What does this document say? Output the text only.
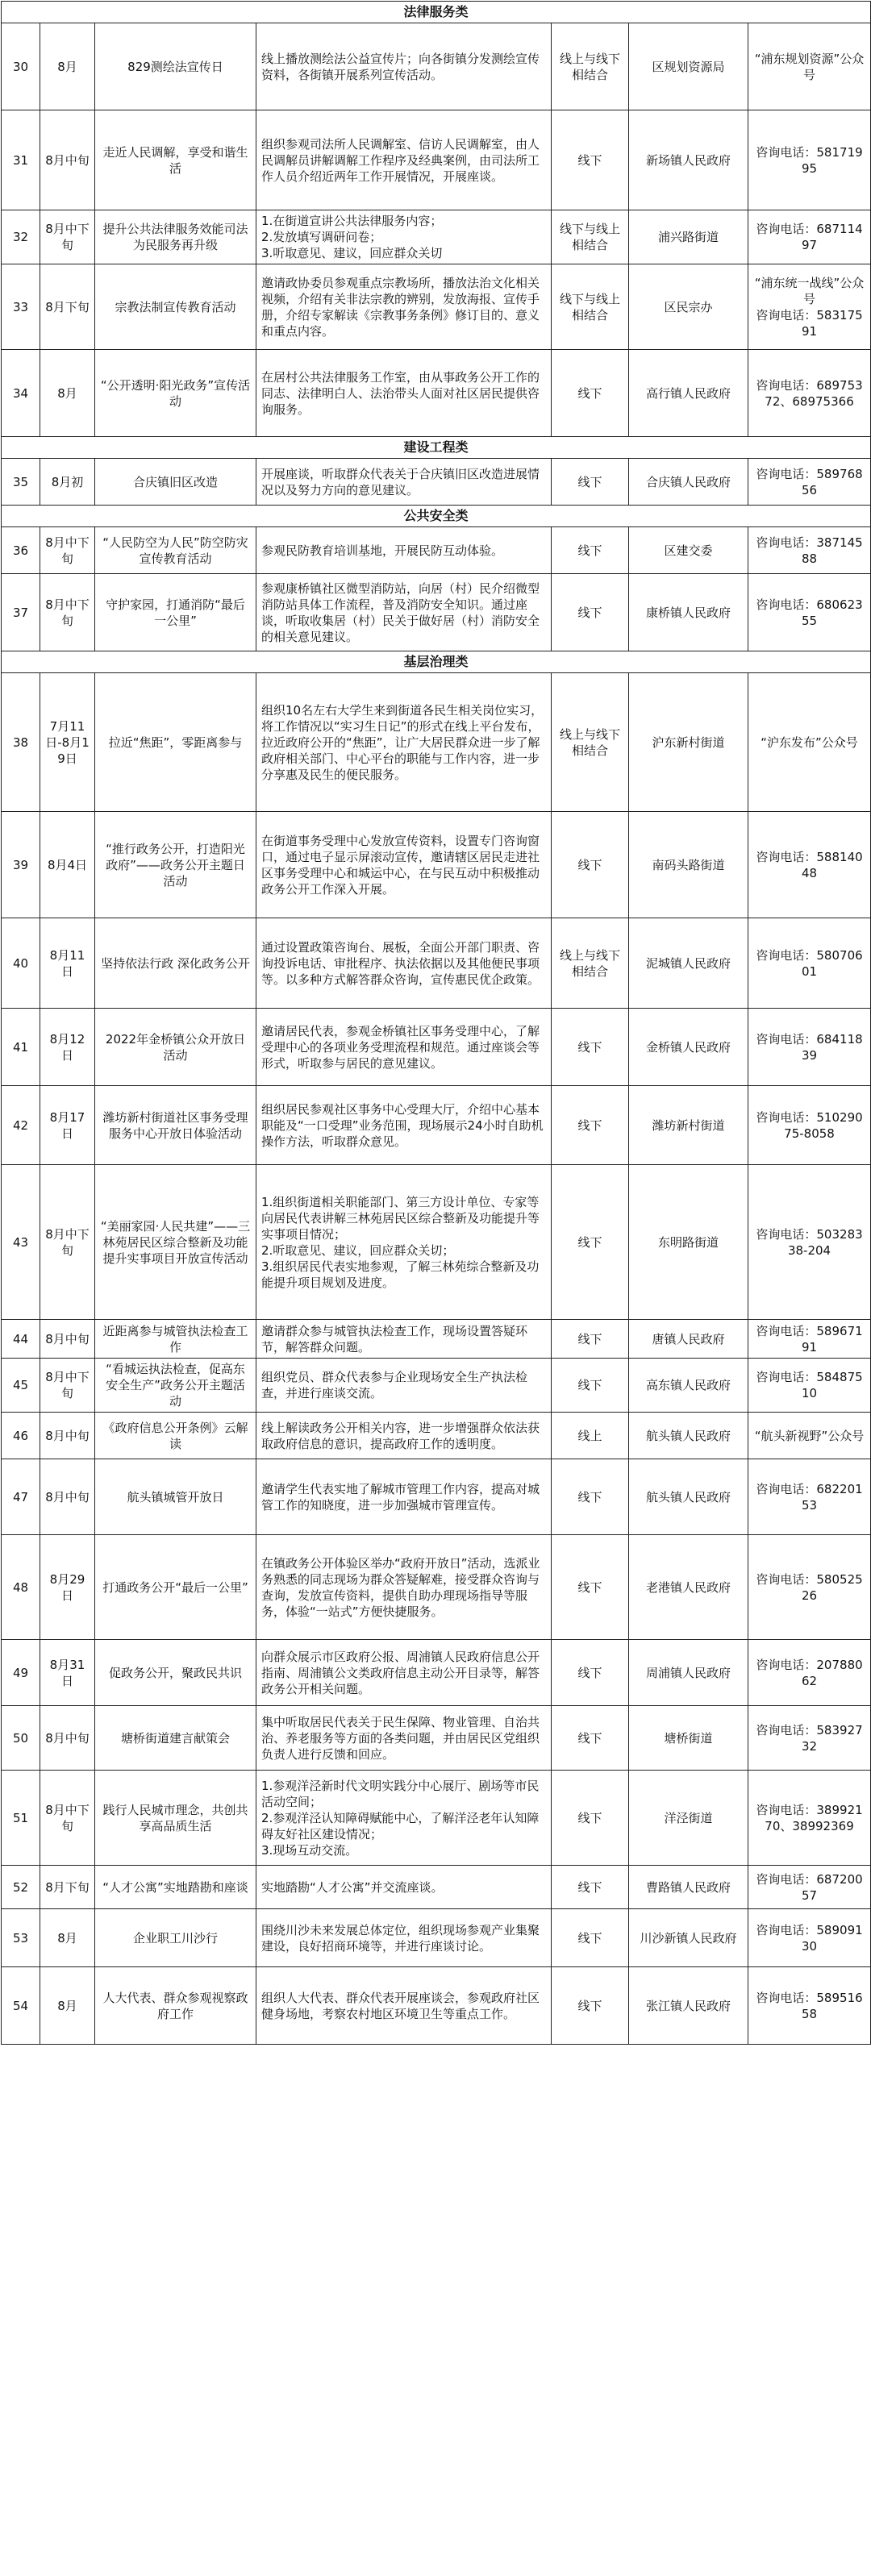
法律服务类						
30	8月	829测绘法宣传日	线上播放测绘法公益宣传片；向各街镇分发测绘宣传资料，各街镇开展系列宣传活动。	线上与线下相结合	区规划资源局	“浦东规划资源”公众号
31	8月中旬	走近人民调解，享受和谐生活	组织参观司法所人民调解室、信访人民调解室，由人民调解员讲解调解工作程序及经典案例，由司法所工作人员介绍近两年工作开展情况，开展座谈。	线下	新场镇人民政府	咨询电话：58171995
32	8月中下旬	提升公共法律服务效能司法为民服务再升级	1.在街道宣讲公共法律服务内容；
2.发放填写调研问卷；
3.听取意见、建议，回应群众关切	线下与线上相结合	浦兴路街道	咨询电话：68711497
33	8月下旬	宗教法制宣传教育活动	邀请政协委员参观重点宗教场所，播放法治文化相关视频，介绍有关非法宗教的辨别，发放海报、宣传手册，介绍专家解读《宗教事务条例》修订目的、意义和重点内容。	线下与线上相结合	区民宗办	“浦东统一战线”公众号
咨询电话：58317591
34	8月	“公开透明·阳光政务”宣传活动	在居村公共法律服务工作室，由从事政务公开工作的同志、法律明白人、法治带头人面对社区居民提供咨询服务。	线下	高行镇人民政府	咨询电话：68975372、68975366
建设工程类						
35	8月初	合庆镇旧区改造	开展座谈，听取群众代表关于合庆镇旧区改造进展情况以及努力方向的意见建议。	线下	合庆镇人民政府	咨询电话：58976856
公共安全类						
36	8月中下旬	“人民防空为人民”防空防灾宣传教育活动	参观民防教育培训基地，开展民防互动体验。	线下	区建交委	咨询电话：38714588
37	8月中下旬	守护家园，打通消防“最后一公里”	参观康桥镇社区微型消防站，向居（村）民介绍微型消防站具体工作流程，普及消防安全知识。通过座谈，听取收集居（村）民关于做好居（村）消防安全的相关意见建议。	线下	康桥镇人民政府	咨询电话：68062355
基层治理类						
38	7月11日-8月19日	拉近“焦距”，零距离参与	组织10名左右大学生来到街道各民生相关岗位实习，将工作情况以“实习生日记”的形式在线上平台发布，拉近政府公开的“焦距”，让广大居民群众进一步了解政府相关部门、中心平台的职能与工作内容，进一步分享惠及民生的便民服务。	线上与线下相结合	沪东新村街道	“沪东发布”公众号
39	8月4日	“推行政务公开，打造阳光政府”——政务公开主题日活动	在街道事务受理中心发放宣传资料，设置专门咨询窗口，通过电子显示屏滚动宣传，邀请辖区居民走进社区事务受理中心和城运中心，在与民互动中积极推动政务公开工作深入开展。	线下	南码头路街道	咨询电话：58814048
40	8月11日	坚持依法行政 深化政务公开	通过设置政策咨询台、展板，全面公开部门职责、咨询投诉电话、审批程序、执法依据以及其他便民事项等。以多种方式解答群众咨询，宣传惠民优企政策。	线上与线下相结合	泥城镇人民政府	咨询电话：58070601
41	8月12日	2022年金桥镇公众开放日活动	邀请居民代表，参观金桥镇社区事务受理中心，了解受理中心的各项业务受理流程和规范。通过座谈会等形式，听取参与居民的意见建议。	线下	金桥镇人民政府	咨询电话：68411839
42	8月17日	潍坊新村街道社区事务受理服务中心开放日体验活动	组织居民参观社区事务中心受理大厅，介绍中心基本职能及“一口受理”业务范围，现场展示24小时自助机操作方法，听取群众意见。	线下	潍坊新村街道	咨询电话：51029075-8058
43	8月中下旬	“美丽家园·人民共建”——三林苑居民区综合整新及功能提升实事项目开放宣传活动	1.组织街道相关职能部门、第三方设计单位、专家等向居民代表讲解三林苑居民区综合整新及功能提升等实事项目情况；
2.听取意见、建议，回应群众关切；
3.组织居民代表实地参观，了解三林苑综合整新及功能提升项目规划及进度。	线下	东明路街道	咨询电话：50328338-204
44	8月中旬	近距离参与城管执法检查工作	邀请群众参与城管执法检查工作，现场设置答疑环节，解答群众问题。	线下	唐镇人民政府	咨询电话：58967191
45	8月中下旬	“看城运执法检查，促高东安全生产”政务公开主题活动	组织党员、群众代表参与企业现场安全生产执法检查，并进行座谈交流。	线下	高东镇人民政府	咨询电话：58487510
46	8月中旬	《政府信息公开条例》云解读	线上解读政务公开相关内容，进一步增强群众依法获取政府信息的意识，提高政府工作的透明度。	线上	航头镇人民政府	“航头新视野”公众号
47	8月中旬	航头镇城管开放日	邀请学生代表实地了解城市管理工作内容，提高对城管工作的知晓度，进一步加强城市管理宣传。	线下	航头镇人民政府	咨询电话：68220153
48	8月29日	打通政务公开“最后一公里”	在镇政务公开体验区举办“政府开放日”活动，选派业务熟悉的同志现场为群众答疑解难，接受群众咨询与查询，发放宣传资料，提供自助办理现场指导等服务，体验“一站式”方便快捷服务。	线下	老港镇人民政府	咨询电话：58052526
49	8月31日	促政务公开，聚政民共识	向群众展示市区政府公报、周浦镇人民政府信息公开指南、周浦镇公文类政府信息主动公开目录等，解答政务公开相关问题。	线下	周浦镇人民政府	咨询电话：20788062
50	8月中旬	塘桥街道建言献策会	集中听取居民代表关于民生保障、物业管理、自治共治、养老服务等方面的各类问题，并由居民区党组织负责人进行反馈和回应。	线下	塘桥街道	咨询电话：58392732
51	8月中下旬	践行人民城市理念，共创共享高品质生活	1.参观洋泾新时代文明实践分中心展厅、剧场等市民活动空间；
2.参观洋泾认知障碍赋能中心，了解洋泾老年认知障碍友好社区建设情况；
3.现场互动交流。	线下	洋泾街道	咨询电话：38992170、38992369
52	8月下旬	“人才公寓”实地踏勘和座谈	实地踏勘“人才公寓”并交流座谈。	线下	曹路镇人民政府	咨询电话：68720057
53	8月	企业职工川沙行	围绕川沙未来发展总体定位，组织现场参观产业集聚建设，良好招商环境等，并进行座谈讨论。	线下	川沙新镇人民政府	咨询电话：58909130
54	8月	人大代表、群众参观视察政府工作	组织人大代表、群众代表开展座谈会，参观政府社区健身场地，考察农村地区环境卫生等重点工作。	线下	张江镇人民政府	咨询电话：58951658
